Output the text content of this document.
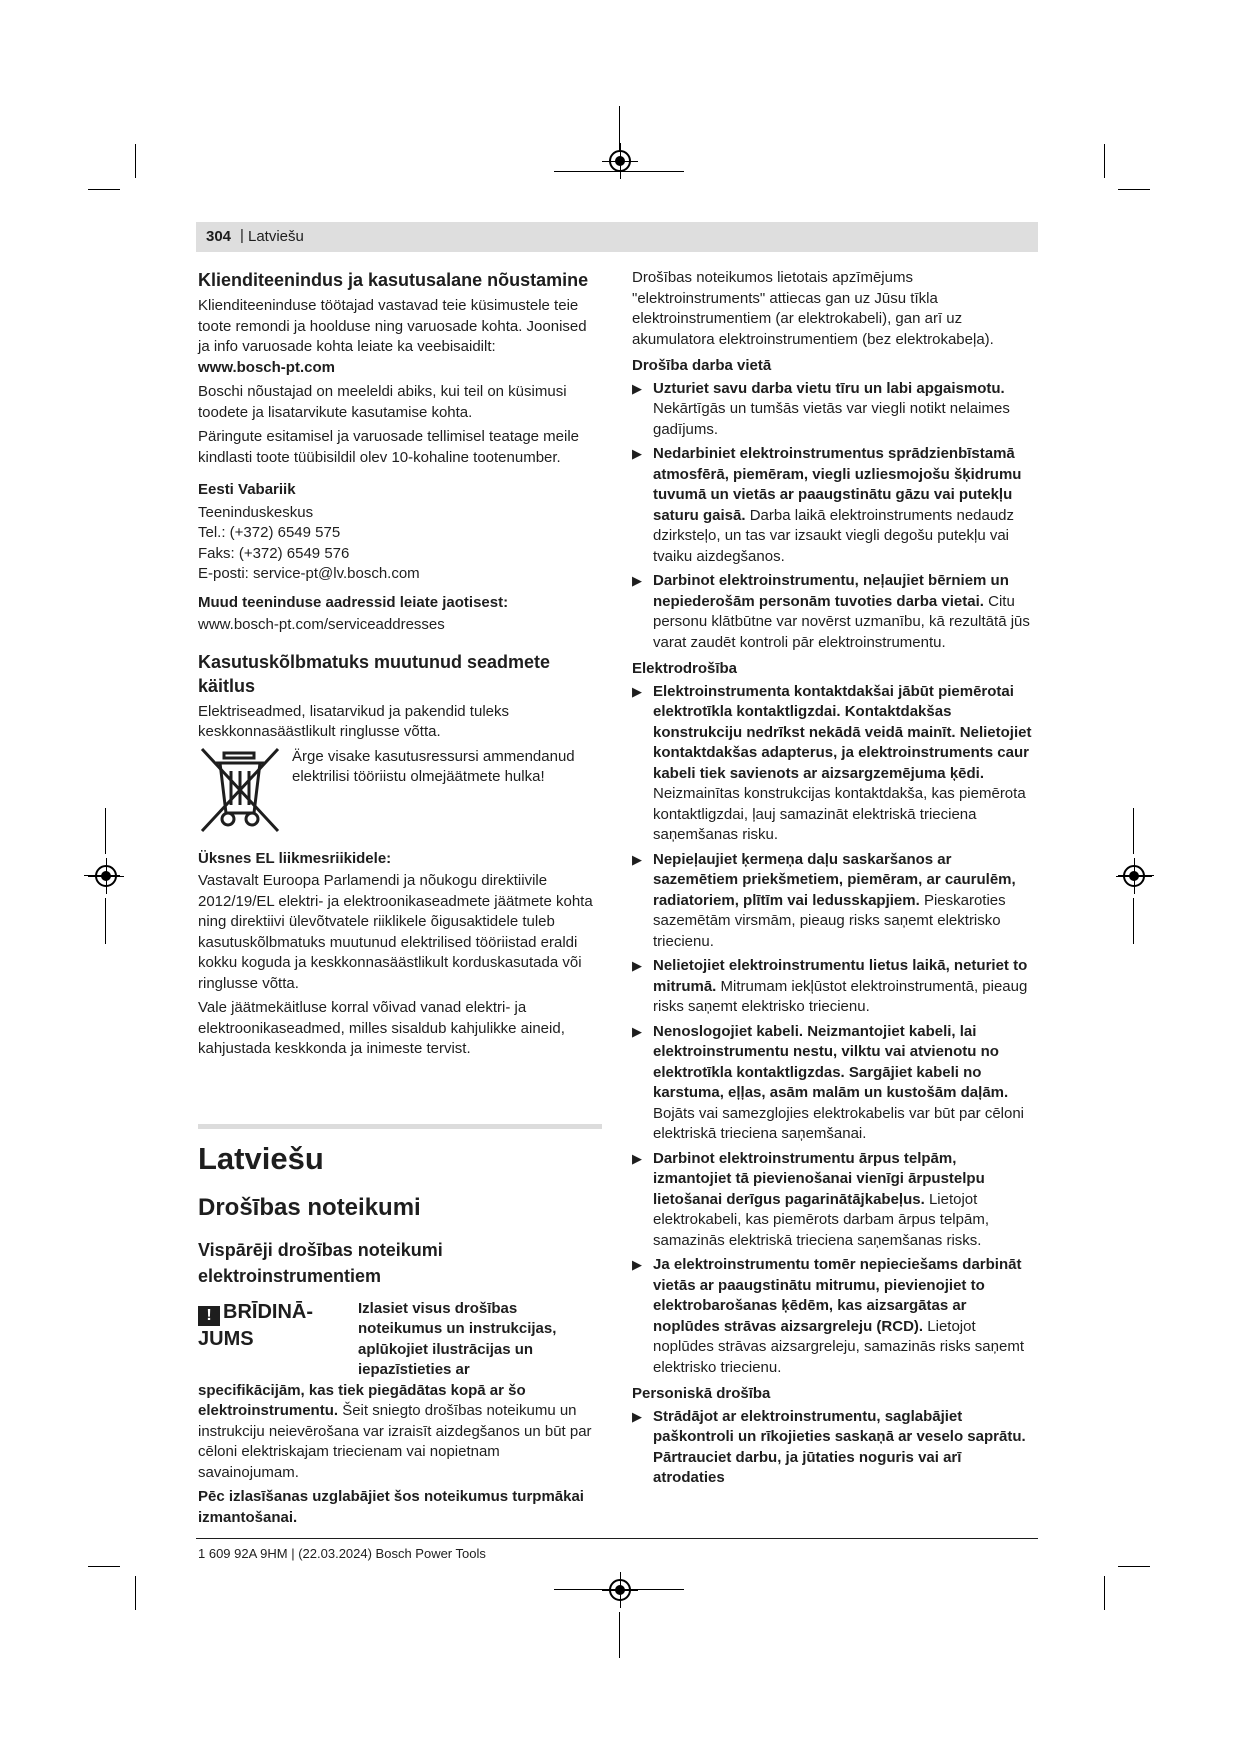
304 | Latviešu
Klienditeenindus ja kasutusalane nõustamine

Klienditeeninduse töötajad vastavad teie küsimustele teie toote remondi ja hoolduse ning varuosade kohta. Joonised ja info varuosade kohta leiate ka veebisaidilt:

www.bosch-pt.com

Boschi nõustajad on meeleldi abiks, kui teil on küsimusi toodete ja lisatarvikute kasutamise kohta.

Päringute esitamisel ja varuosade tellimisel teatage meile kindlasti toote tüübisildil olev 10-kohaline tootenumber.

Eesti Vabariik
Teeninduskeskus
Tel.: (+372) 6549 575
Faks: (+372) 6549 576
E-posti: service-pt@lv.bosch.com
Muud teeninduse aadressid leiate jaotisest:
www.bosch-pt.com/serviceaddresses
Kasutuskõlbmatuks muutunud seadmete käitlus

Elektriseadmed, lisatarvikud ja pakendid tuleks keskkonnasäästlikult ringlusse võtta.

Ärge visake kasutusressursi ammendanud elektrilisi tööriistu olmejäätmete hulka!
Üksnes EL liikmesriikidele:

Vastavalt Euroopa Parlamendi ja nõukogu direktiivile 2012/19/EL elektri- ja elektroonikaseadmete jäätmete kohta ning direktiivi ülevõtvatele riiklikele õigusaktidele tuleb kasutuskõlbmatuks muutunud elektrilised tööriistad eraldi kokku koguda ja keskkonnasäästlikult korduskasutada või ringlusse võtta.

Vale jäätmekäitluse korral võivad vanad elektri- ja elektroonikaseadmed, milles sisaldub kahjulikke aineid, kahjustada keskkonda ja inimeste tervist.

Latviešu
Drošības noteikumi
Vispārēji drošības noteikumi elektroinstrumentiem
! BRĪDINĀ-JUMS
Izlasiet visus drošības noteikumus un instrukcijas, aplūkojiet ilustrācijas un iepazīstieties ar

specifikācijām, kas tiek piegādātas kopā ar šo elektroinstrumentu. Šeit sniegto drošības noteikumu un instrukciju neievērošana var izraisīt aizdegšanos un būt par cēloni elektriskajam triecienam vai nopietnam savainojumam.

Pēc izlasīšanas uzglabājiet šos noteikumus turpmākai izmantošanai.

Drošības noteikumos lietotais apzīmējums "elektroinstruments" attiecas gan uz Jūsu tīkla elektroinstrumentiem (ar elektrokabeli), gan arī uz akumulatora elektroinstrumentiem (bez elektrokabeļa).

Drošība darba vietā
▶ Uzturiet savu darba vietu tīru un labi apgaismotu. Nekārtīgās un tumšās vietās var viegli notikt nelaimes gadījums.
▶ Nedarbiniet elektroinstrumentus sprādzienbīstamā atmosfērā, piemēram, viegli uzliesmojošu šķidrumu tuvumā un vietās ar paaugstinātu gāzu vai putekļu saturu gaisā. Darba laikā elektroinstruments nedaudz dzirksteļo, un tas var izsaukt viegli degošu putekļu vai tvaiku aizdegšanos.
▶ Darbinot elektroinstrumentu, neļaujiet bērniem un nepiederošām personām tuvoties darba vietai. Citu personu klātbūtne var novērst uzmanību, kā rezultātā jūs varat zaudēt kontroli pār elektroinstrumentu.
Elektrodrošība
▶ Elektroinstrumenta kontaktdakšai jābūt piemērotai elektrotīkla kontaktligzdai. Kontaktdakšas konstrukciju nedrīkst nekādā veidā mainīt. Nelietojiet kontaktdakšas adapterus, ja elektroinstruments caur kabeli tiek savienots ar aizsargzemējuma ķēdi. Neizmainītas konstrukcijas kontaktdakša, kas piemērota kontaktligzdai, ļauj samazināt elektriskā trieciena saņemšanas risku.
▶ Nepieļaujiet ķermeņa daļu saskaršanos ar sazemētiem priekšmetiem, piemēram, ar caurulēm, radiatoriem, plītīm vai ledusskapjiem. Pieskaroties sazemētām virsmām, pieaug risks saņemt elektrisko triecienu.
▶ Nelietojiet elektroinstrumentu lietus laikā, neturiet to mitrumā. Mitrumam iekļūstot elektroinstrumentā, pieaug risks saņemt elektrisko triecienu.
▶ Nenoslogojiet kabeli. Neizmantojiet kabeli, lai elektroinstrumentu nestu, vilktu vai atvienotu no elektrotīkla kontaktligzdas. Sargājiet kabeli no karstuma, eļļas, asām malām un kustošām daļām. Bojāts vai samezglojies elektrokabelis var būt par cēloni elektriskā trieciena saņemšanai.
▶ Darbinot elektroinstrumentu ārpus telpām, izmantojiet tā pievienošanai vienīgi ārpustelpu lietošanai derīgus pagarinātājkabeļus. Lietojot elektrokabeli, kas piemērots darbam ārpus telpām, samazinās elektriskā trieciena saņemšanas risks.
▶ Ja elektroinstrumentu tomēr nepieciešams darbināt vietās ar paaugstinātu mitrumu, pievienojiet to elektrobarošanas ķēdēm, kas aizsargātas ar noplūdes strāvas aizsargreleju (RCD). Lietojot noplūdes strāvas aizsargreleju, samazinās risks saņemt elektrisko triecienu.
Personiskā drošība
▶ Strādājot ar elektroinstrumentu, saglabājiet paškontroli un rīkojieties saskaņā ar veselo saprātu. Pārtrauciet darbu, ja jūtaties noguris vai arī atrodaties
1 609 92A 9HM | (22.03.2024) Bosch Power Tools
